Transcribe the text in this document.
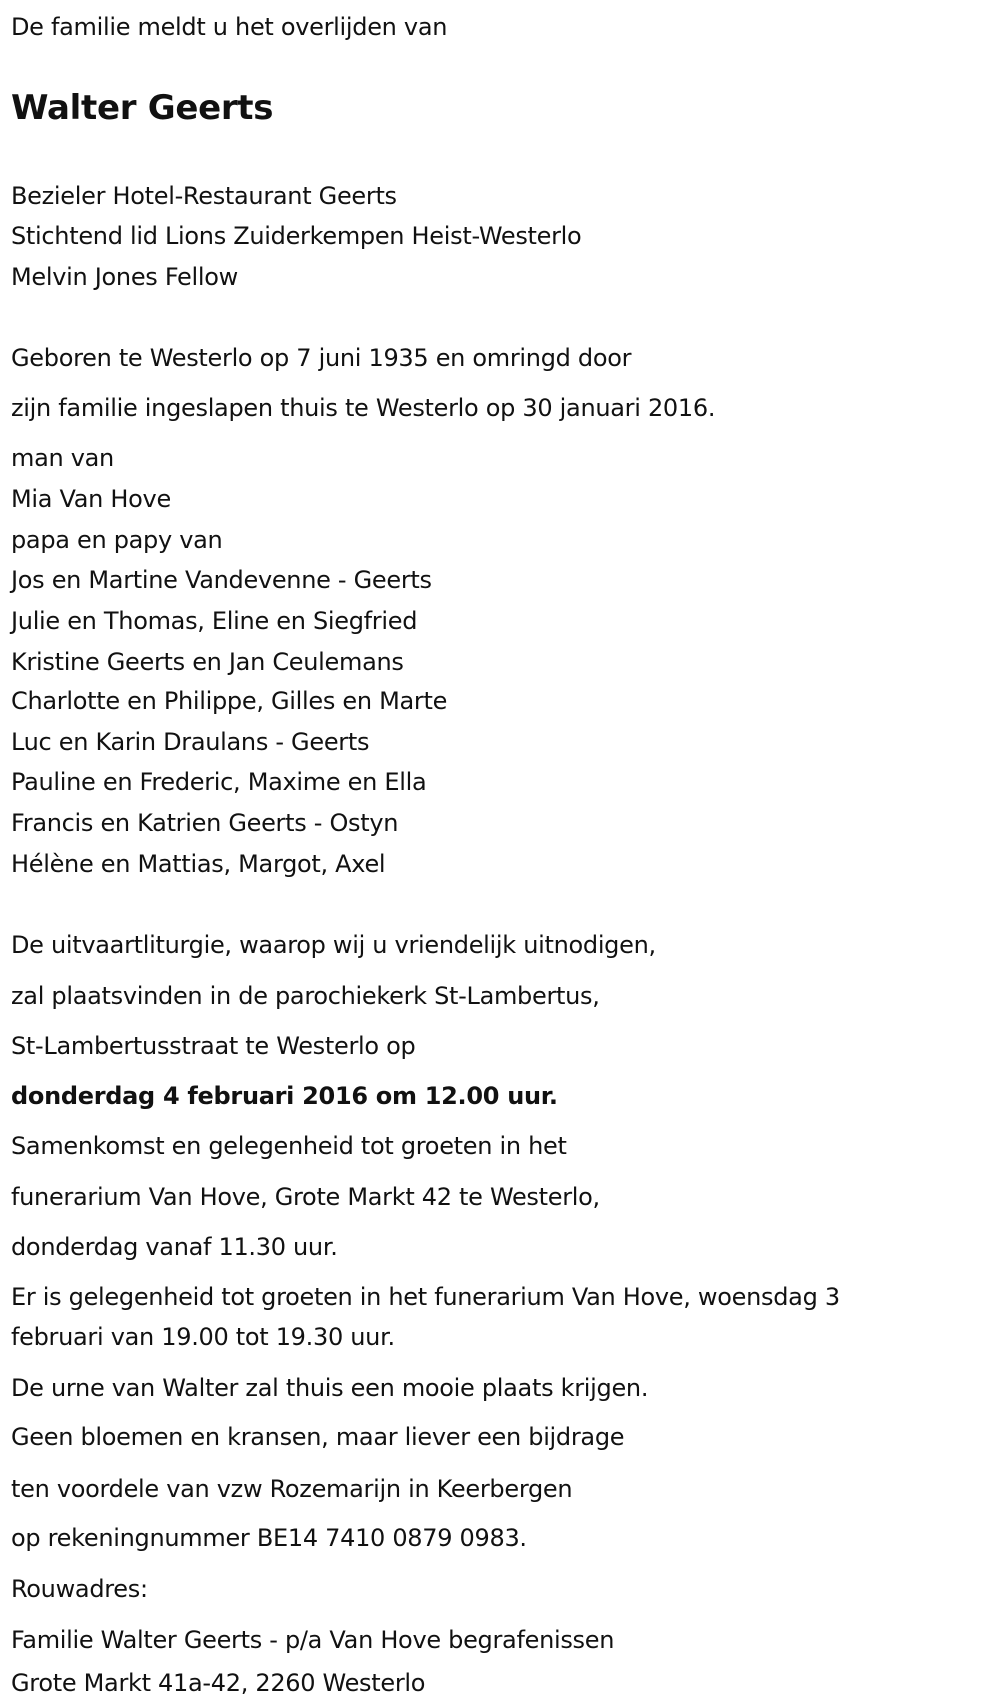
De familie meldt u het overlijden van
Walter Geerts
Bezieler Hotel-Restaurant Geerts
Stichtend lid Lions Zuiderkempen Heist-Westerlo
Melvin Jones Fellow
Geboren te Westerlo op 7 juni 1935 en omringd door
zijn familie ingeslapen thuis te Westerlo op 30 januari 2016.
man van
Mia Van Hove
papa en papy van
Jos en Martine Vandevenne - Geerts
Julie en Thomas, Eline en Siegfried
Kristine Geerts en Jan Ceulemans
Charlotte en Philippe, Gilles en Marte
Luc en Karin Draulans - Geerts
Pauline en Frederic, Maxime en Ella
Francis en Katrien Geerts - Ostyn
Hélène en Mattias, Margot, Axel
De uitvaartliturgie, waarop wij u vriendelijk uitnodigen,
zal plaatsvinden in de parochiekerk St-Lambertus,
St-Lambertusstraat te Westerlo op
donderdag 4 februari 2016 om 12.00 uur.
Samenkomst en gelegenheid tot groeten in het
funerarium Van Hove, Grote Markt 42 te Westerlo,
donderdag vanaf 11.30 uur.
Er is gelegenheid tot groeten in het funerarium Van Hove, woensdag 3
februari van 19.00 tot 19.30 uur.
De urne van Walter zal thuis een mooie plaats krijgen.
Geen bloemen en kransen, maar liever een bijdrage
ten voordele van vzw Rozemarijn in Keerbergen
op rekeningnummer BE14 7410 0879 0983.
Rouwadres:
Familie Walter Geerts - p/a Van Hove begrafenissen
Grote Markt 41a-42, 2260 Westerlo
